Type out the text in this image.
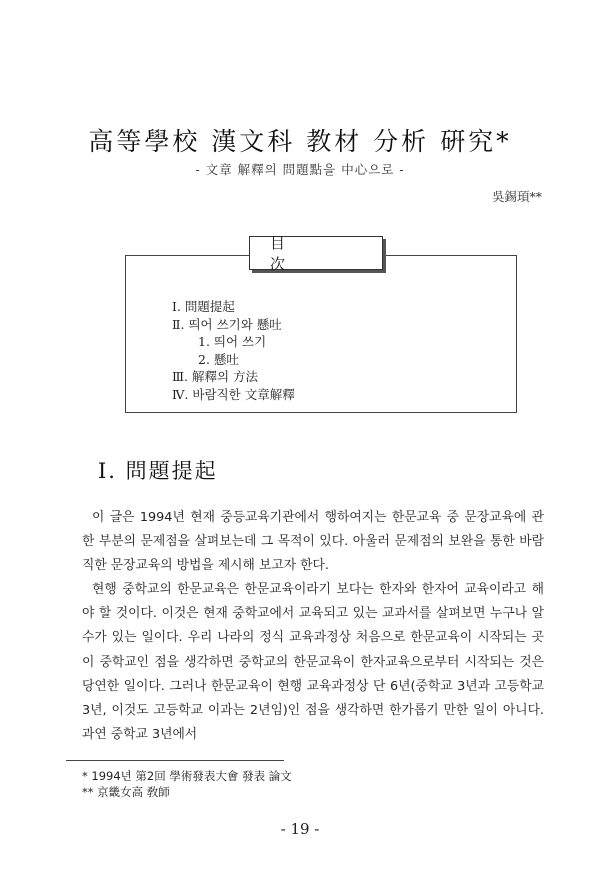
高等學校 漢文科 教材 分析 硏究*
- 文章 解釋의 問題點을 中心으로 -
吳錫頊**
目 次
Ⅰ. 問題提起
Ⅱ. 띄어 쓰기와 懸吐
1. 띄어 쓰기
2. 懸吐
Ⅲ. 解釋의 方法
Ⅳ. 바람직한 文章解釋
Ⅰ. 問題提起

이 글은 1994년 현재 중등교육기관에서 행하여지는 한문교육 중 문장교육에 관한 부분의 문제점을 살펴보는데 그 목적이 있다. 아울러 문제점의 보완을 통한 바람직한 문장교육의 방법을 제시해 보고자 한다.

현행 중학교의 한문교육은 한문교육이라기 보다는 한자와 한자어 교육이라고 해야 할 것이다. 이것은 현재 중학교에서 교육되고 있는 교과서를 살펴보면 누구나 알 수가 있는 일이다. 우리 나라의 정식 교육과정상 처음으로 한문교육이 시작되는 곳이 중학교인 점을 생각하면 중학교의 한문교육이 한자교육으로부터 시작되는 것은 당연한 일이다. 그러나 한문교육이 현행 교육과정상 단 6년(중학교 3년과 고등학교 3년, 이것도 고등학교 이과는 2년임)인 점을 생각하면 한가롭기 만한 일이 아니다. 과연 중학교 3년에서

* 1994년 第2回 學術發表大會 發表 論文
** 京畿女高 敎師
- 19 -
